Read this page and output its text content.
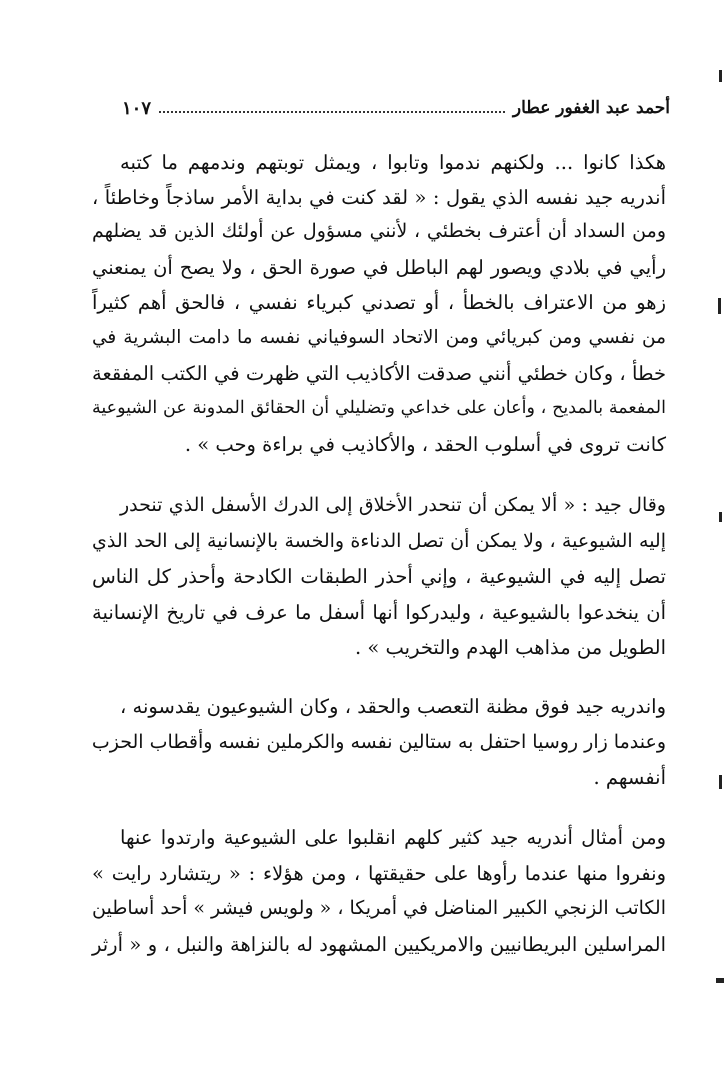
أحمد عبد الغفور عطار
١٠٧
هكذا كانوا ... ولكنهم ندموا وتابوا ، ويمثل توبتهم وندمهم ما كتبه
أندريه جيد نفسه الذي يقول : « لقد كنت في بداية الأمر ساذجاً وخاطئاً ،
ومن السداد أن أعترف بخطئي ، لأنني مسؤول عن أولئك الذين قد يضلهم
رأيي في بلادي ويصور لهم الباطل في صورة الحق ، ولا يصح أن يمنعني
زهو من الاعتراف بالخطأ ، أو تصدني كبرياء نفسي ، فالحق أهم كثيراً
من نفسي ومن كبريائي ومن الاتحاد السوفياني نفسه ما دامت البشرية في
خطأ ، وكان خطئي أنني صدقت الأكاذيب التي ظهرت في الكتب المفقعة
المفعمة بالمديح ، وأعان على خداعي وتضليلي أن الحقائق المدونة عن الشيوعية
كانت تروى في أسلوب الحقد ، والأكاذيب في براءة وحب » .
وقال جيد : « ألا يمكن أن تنحدر الأخلاق إلى الدرك الأسفل الذي تنحدر
إليه الشيوعية ، ولا يمكن أن تصل الدناءة والخسة بالإنسانية إلى الحد الذي
تصل إليه في الشيوعية ، وإني أحذر الطبقات الكادحة وأحذر كل الناس
أن ينخدعوا بالشيوعية ، وليدركوا أنها أسفل ما عرف في تاريخ الإنسانية
الطويل من مذاهب الهدم والتخريب » .
واندريه جيد فوق مظنة التعصب والحقد ، وكان الشيوعيون يقدسونه ،
وعندما زار روسيا احتفل به ستالين نفسه والكرملين نفسه وأقطاب الحزب
أنفسهم .
ومن أمثال أندريه جيد كثير كلهم انقلبوا على الشيوعية وارتدوا عنها
ونفروا منها عندما رأوها على حقيقتها ، ومن هؤلاء : « ريتشارد رايت »
الكاتب الزنجي الكبير المناضل في أمريكا ، « ولويس فيشر » أحد أساطين
المراسلين البريطانيين والامريكيين المشهود له بالنزاهة والنبل ، و « أرثر
